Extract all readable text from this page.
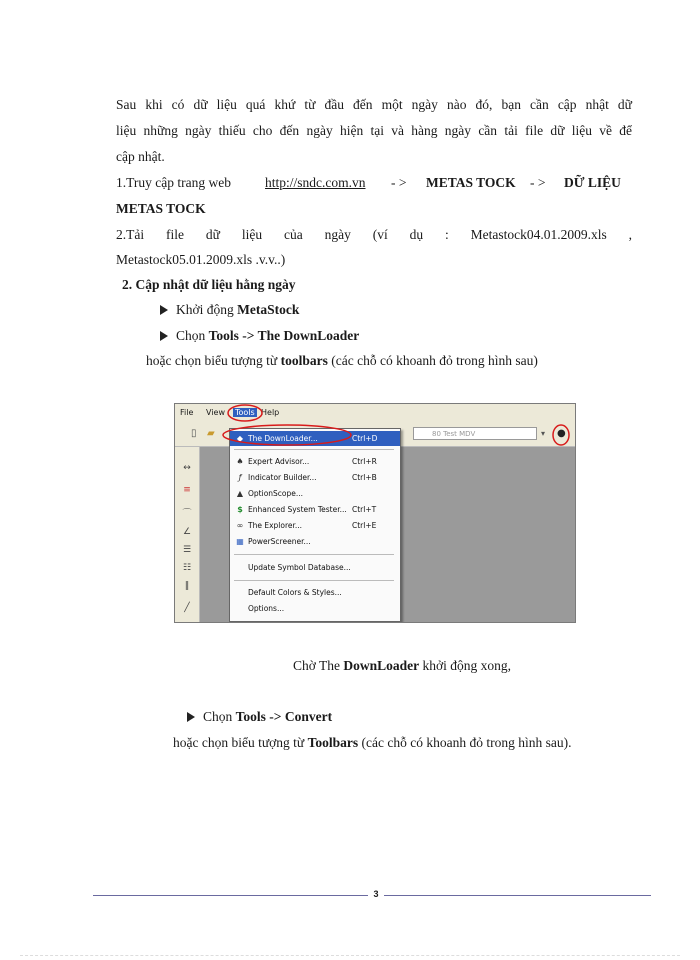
Sau khi có dữ liệu quá khứ từ đầu đến một ngày nào đó, bạn cần cập nhật dữ
liệu những ngày thiếu cho đến ngày hiện tại và hàng ngày cần tải file dữ liệu về để
cập nhật.
1.Truy cập trang web	http://sndc.com.vn - > METAS TOCK - > DỮ LIỆU
METAS TOCK
2.Tải file dữ liệu của ngày (ví dụ : Metastock04.01.2009.xls ,
Metastock05.01.2009.xls .v.v..)
2. Cập nhật dữ liệu hằng ngày
Khởi động MetaStock
Chọn Tools -> The DownLoader
hoặc chọn biểu tượng từ toolbars (các chỗ có khoanh đỏ trong hình sau)
File View Tools Help
▯ ▰	80 Test MDV	▾ ●
↔
≡
⌒
∠
☰
☷
‖
╱
◆ The DownLoader...	Ctrl+D
♠ Expert Advisor...	Ctrl+R
ƒ Indicator Builder...	Ctrl+B
▲ OptionScope...
$ Enhanced System Tester... Ctrl+T
∞ The Explorer...	Ctrl+E
▦ PowerScreener...
Update Symbol Database...
Default Colors & Styles...
Options...
Chờ The DownLoader khởi động xong,
Chọn Tools -> Convert
hoặc chọn biểu tượng từ Toolbars (các chỗ có khoanh đỏ trong hình sau).
3
